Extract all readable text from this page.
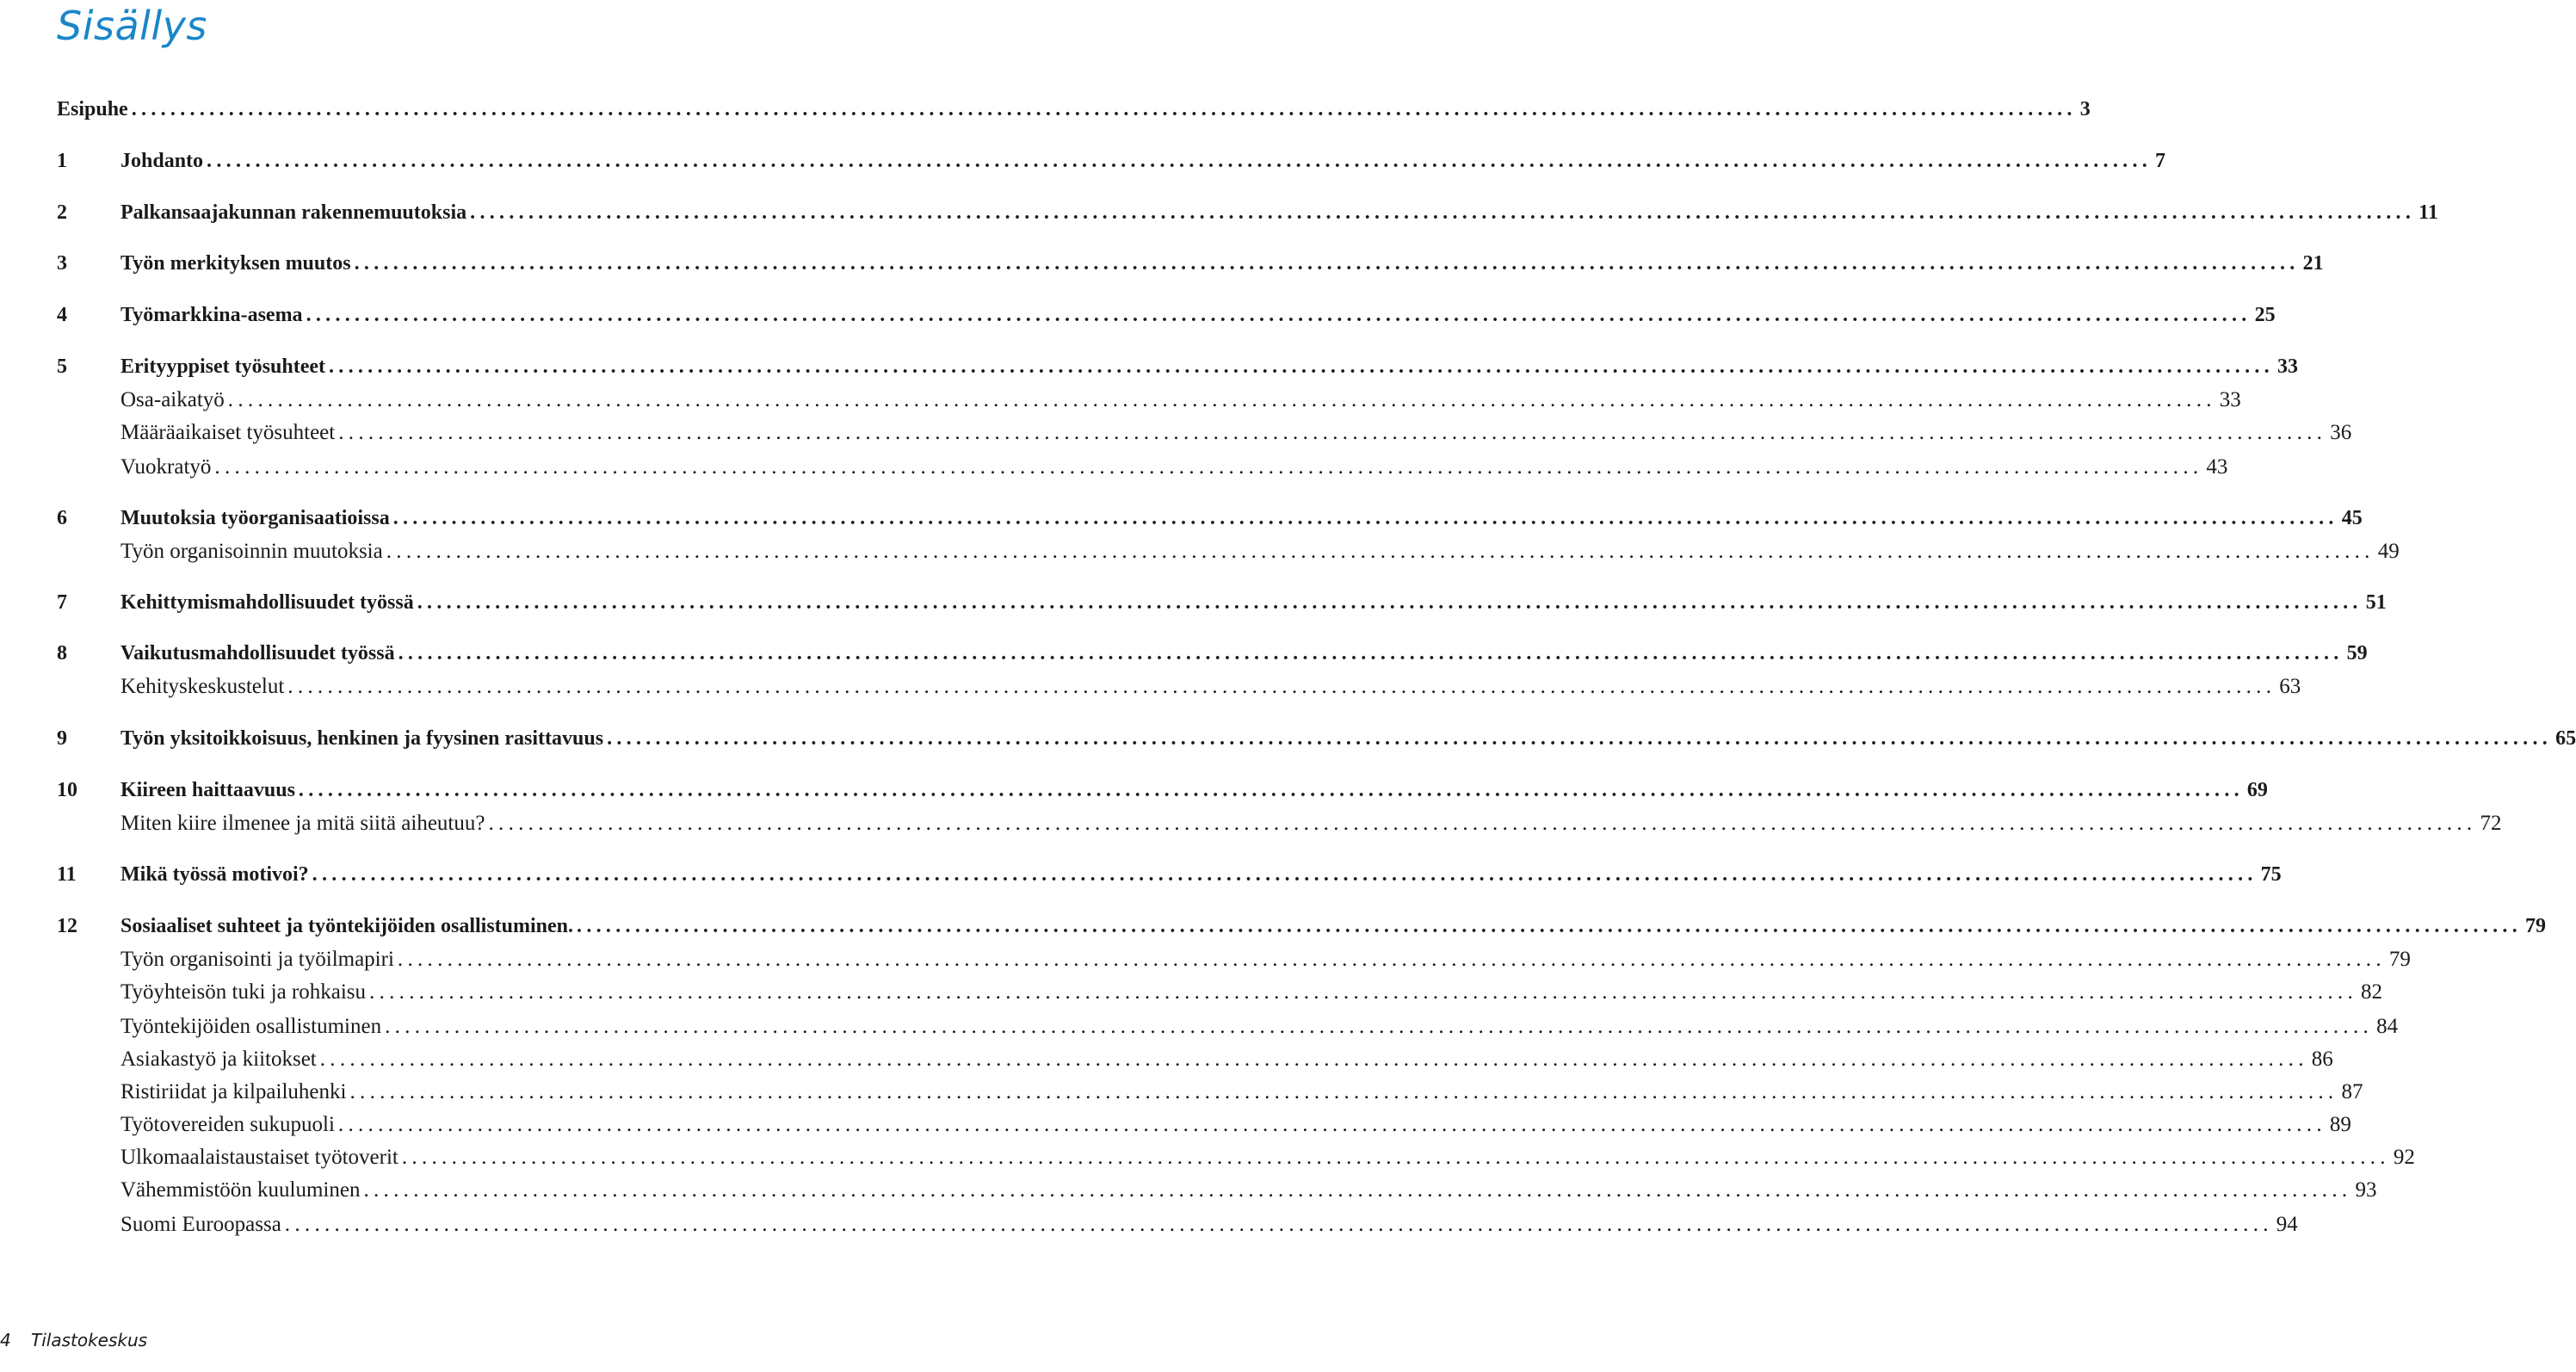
Sisällys
Esipuhe ........................................................................................................................................................................................................ 3
1	Johdanto ........................................................................................................................................................................................................ 7
2	Palkansaajakunnan rakennemuutoksia ........................................................................................................................................................................................................ 11
3	Työn merkityksen muutos ........................................................................................................................................................................................................ 21
4	Työmarkkina-asema ........................................................................................................................................................................................................ 25
5	Erityyppiset työsuhteet ........................................................................................................................................................................................................ 33
Osa-aikatyö ........................................................................................................................................................................................................ 33
Määräaikaiset työsuhteet ........................................................................................................................................................................................................ 36
Vuokratyö ........................................................................................................................................................................................................ 43
6	Muutoksia työorganisaatioissa ........................................................................................................................................................................................................ 45
Työn organisoinnin muutoksia ........................................................................................................................................................................................................ 49
7	Kehittymismahdollisuudet työssä ........................................................................................................................................................................................................ 51
8	Vaikutusmahdollisuudet työssä ........................................................................................................................................................................................................ 59
Kehityskeskustelut ........................................................................................................................................................................................................ 63
9	Työn yksitoikkoisuus, henkinen ja fyysinen rasittavuus ........................................................................................................................................................................................................ 65
10	Kiireen haittaavuus ........................................................................................................................................................................................................ 69
Miten kiire ilmenee ja mitä siitä aiheutuu? ........................................................................................................................................................................................................ 72
11	Mikä työssä motivoi? ........................................................................................................................................................................................................ 75
12	Sosiaaliset suhteet ja työntekijöiden osallistuminen. ........................................................................................................................................................................................................ 79
Työn organisointi ja työilmapiri ........................................................................................................................................................................................................ 79
Työyhteisön tuki ja rohkaisu ........................................................................................................................................................................................................ 82
Työntekijöiden osallistuminen ........................................................................................................................................................................................................ 84
Asiakastyö ja kiitokset ........................................................................................................................................................................................................ 86
Ristiriidat ja kilpailuhenki ........................................................................................................................................................................................................ 87
Työtovereiden sukupuoli ........................................................................................................................................................................................................ 89
Ulkomaalaistaustaiset työtoverit ........................................................................................................................................................................................................ 92
Vähemmistöön kuuluminen ........................................................................................................................................................................................................ 93
Suomi Euroopassa ........................................................................................................................................................................................................ 94
4 Tilastokeskus
